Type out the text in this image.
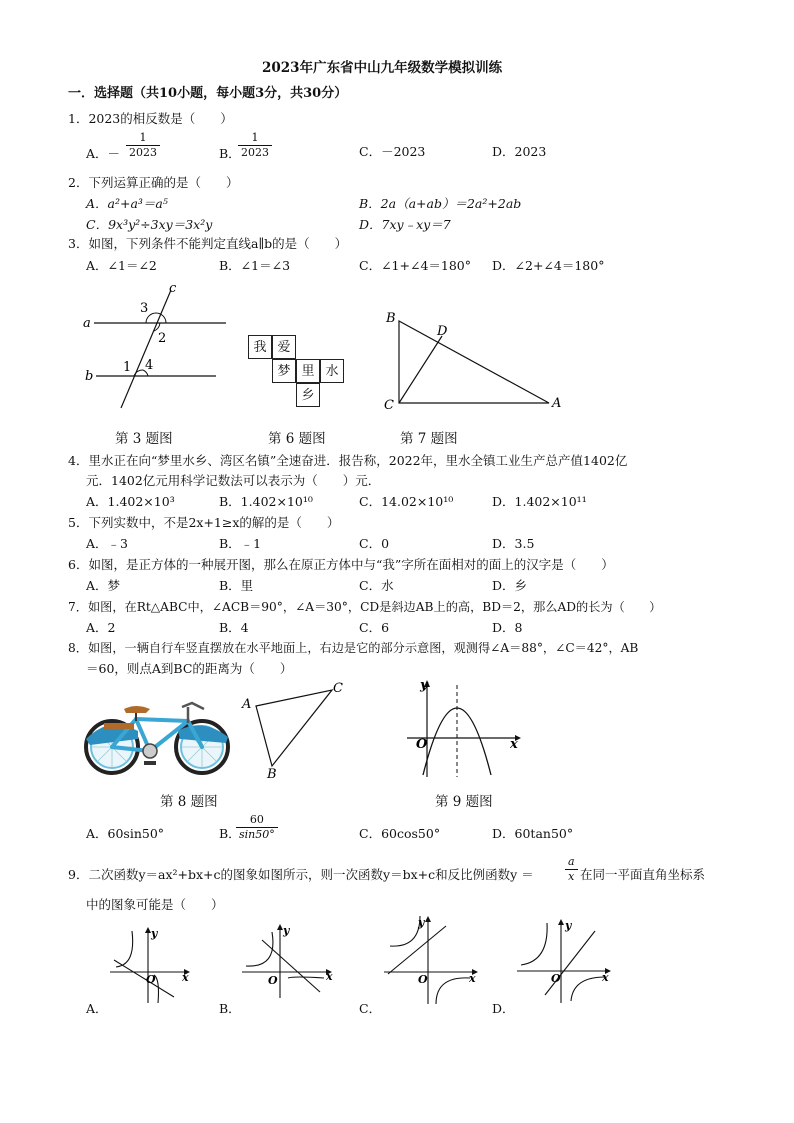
2023年广东省中山九年级数学模拟训练
一．选择题（共10小题，每小题3分，共30分）
1．2023的相反数是（　　）
A．－ $\frac{1}{2023}$	B．
$\frac{1}{2023}$	C．－2023	D．2023
2．下列运算正确的是（　　）
A．a²+a³＝a⁵	B．2a（a+ab）＝2a²+2ab
C．9x³y²÷3xy＝3x²y	D．7xy﹣xy＝7
3．如图，下列条件不能判定直线a∥b的是（　　）
A．∠1＝∠2	B．∠1＝∠3	C．∠1+∠4＝180° D．∠2+∠4＝180°
a
b
c
3
2
1 4
我 爱
梦 里 水
乡
B
D
C	A
第 3 题图	第 6 题图	第 7 题图
4．里水正在向“梦里水乡、湾区名镇”全速奋进．报告称，2022年，里水全镇工业生产总产值1402亿
元．1402亿元用科学记数法可以表示为（　　）元．
A．1.402×10³	B．1.402×10¹⁰	C．14.02×10¹⁰	D．1.402×10¹¹
5．下列实数中，不是2x+1≥x的解的是（　　）
A．﹣3	B．﹣1	C．0	D．3.5
6．如图，是正方体的一种展开图，那么在原正方体中与“我”字所在面相对的面上的汉字是（　　）
A．梦	B．里	C．水	D．乡
7．如图，在Rt△ABC中，∠ACB＝90°，∠A＝30°，CD是斜边AB上的高，BD＝2，那么AD的长为（　　）
A．2	B．4	C．6	D．8
8．如图，一辆自行车竖直摆放在水平地面上，右边是它的部分示意图，观测得∠A＝88°，∠C＝42°，AB
＝60，则点A到BC的距离为（　　）
A
C
B
y
x
O
第 8 题图	第 9 题图
A．60sin50°	B．
$\frac{60}{\sin 50^\circ}$	C．60cos50°	D．60tan50°
9．二次函数y＝ax²+bx+c的图象如图所示，则一次函数y＝bx+c和反比例函数y ＝	$\frac{a}{x}$ 在同一平面直角坐标系
中的图象可能是（　　）
y
x
O
y
x
O
y
x
O
y
x
O
A．	B．	C．	D．
